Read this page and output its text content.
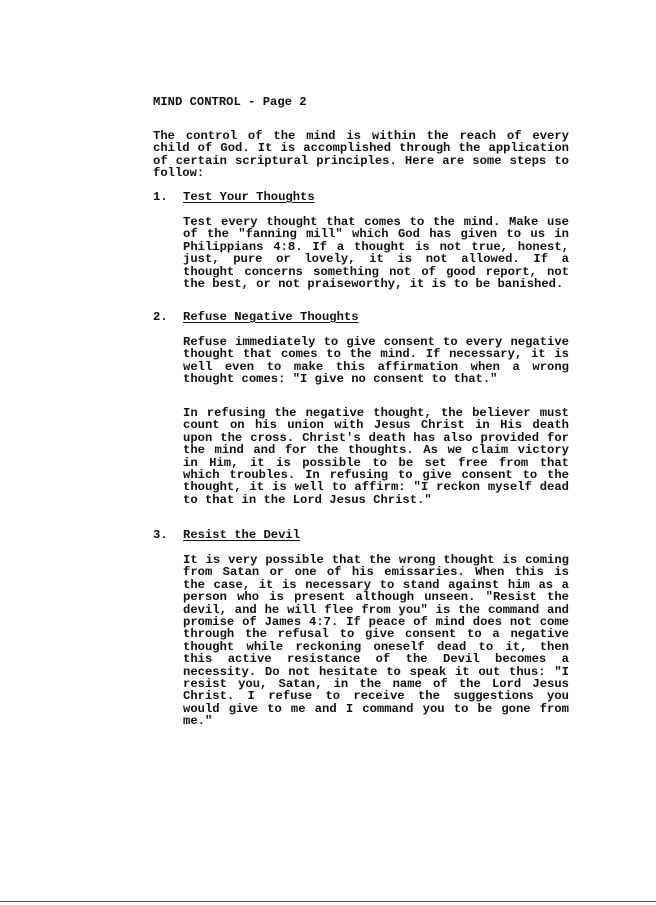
MIND CONTROL - Page 2
The control of the mind is within the reach of every child of God. It is accomplished through the application of certain scriptural principles. Here are some steps to follow:
1. Test Your Thoughts
Test every thought that comes to the mind. Make use of the "fanning mill" which God has given to us in Philippians 4:8. If a thought is not true, honest, just, pure or lovely, it is not allowed. If a thought concerns something not of good report, not the best, or not praiseworthy, it is to be banished.
2. Refuse Negative Thoughts
Refuse immediately to give consent to every negative thought that comes to the mind. If necessary, it is well even to make this affirmation when a wrong thought comes: "I give no consent to that."
In refusing the negative thought, the believer must count on his union with Jesus Christ in His death upon the cross. Christ's death has also provided for the mind and for the thoughts. As we claim victory in Him, it is possible to be set free from that which troubles. In refusing to give consent to the thought, it is well to affirm: "I reckon myself dead to that in the Lord Jesus Christ."
3. Resist the Devil
It is very possible that the wrong thought is coming from Satan or one of his emissaries. When this is the case, it is necessary to stand against him as a person who is present although unseen. "Resist the devil, and he will flee from you" is the command and promise of James 4:7. If peace of mind does not come through the refusal to give consent to a negative thought while reckoning oneself dead to it, then this active resistance of the Devil becomes a necessity. Do not hesitate to speak it out thus: "I resist you, Satan, in the name of the Lord Jesus Christ. I refuse to receive the suggestions you would give to me and I command you to be gone from me."
